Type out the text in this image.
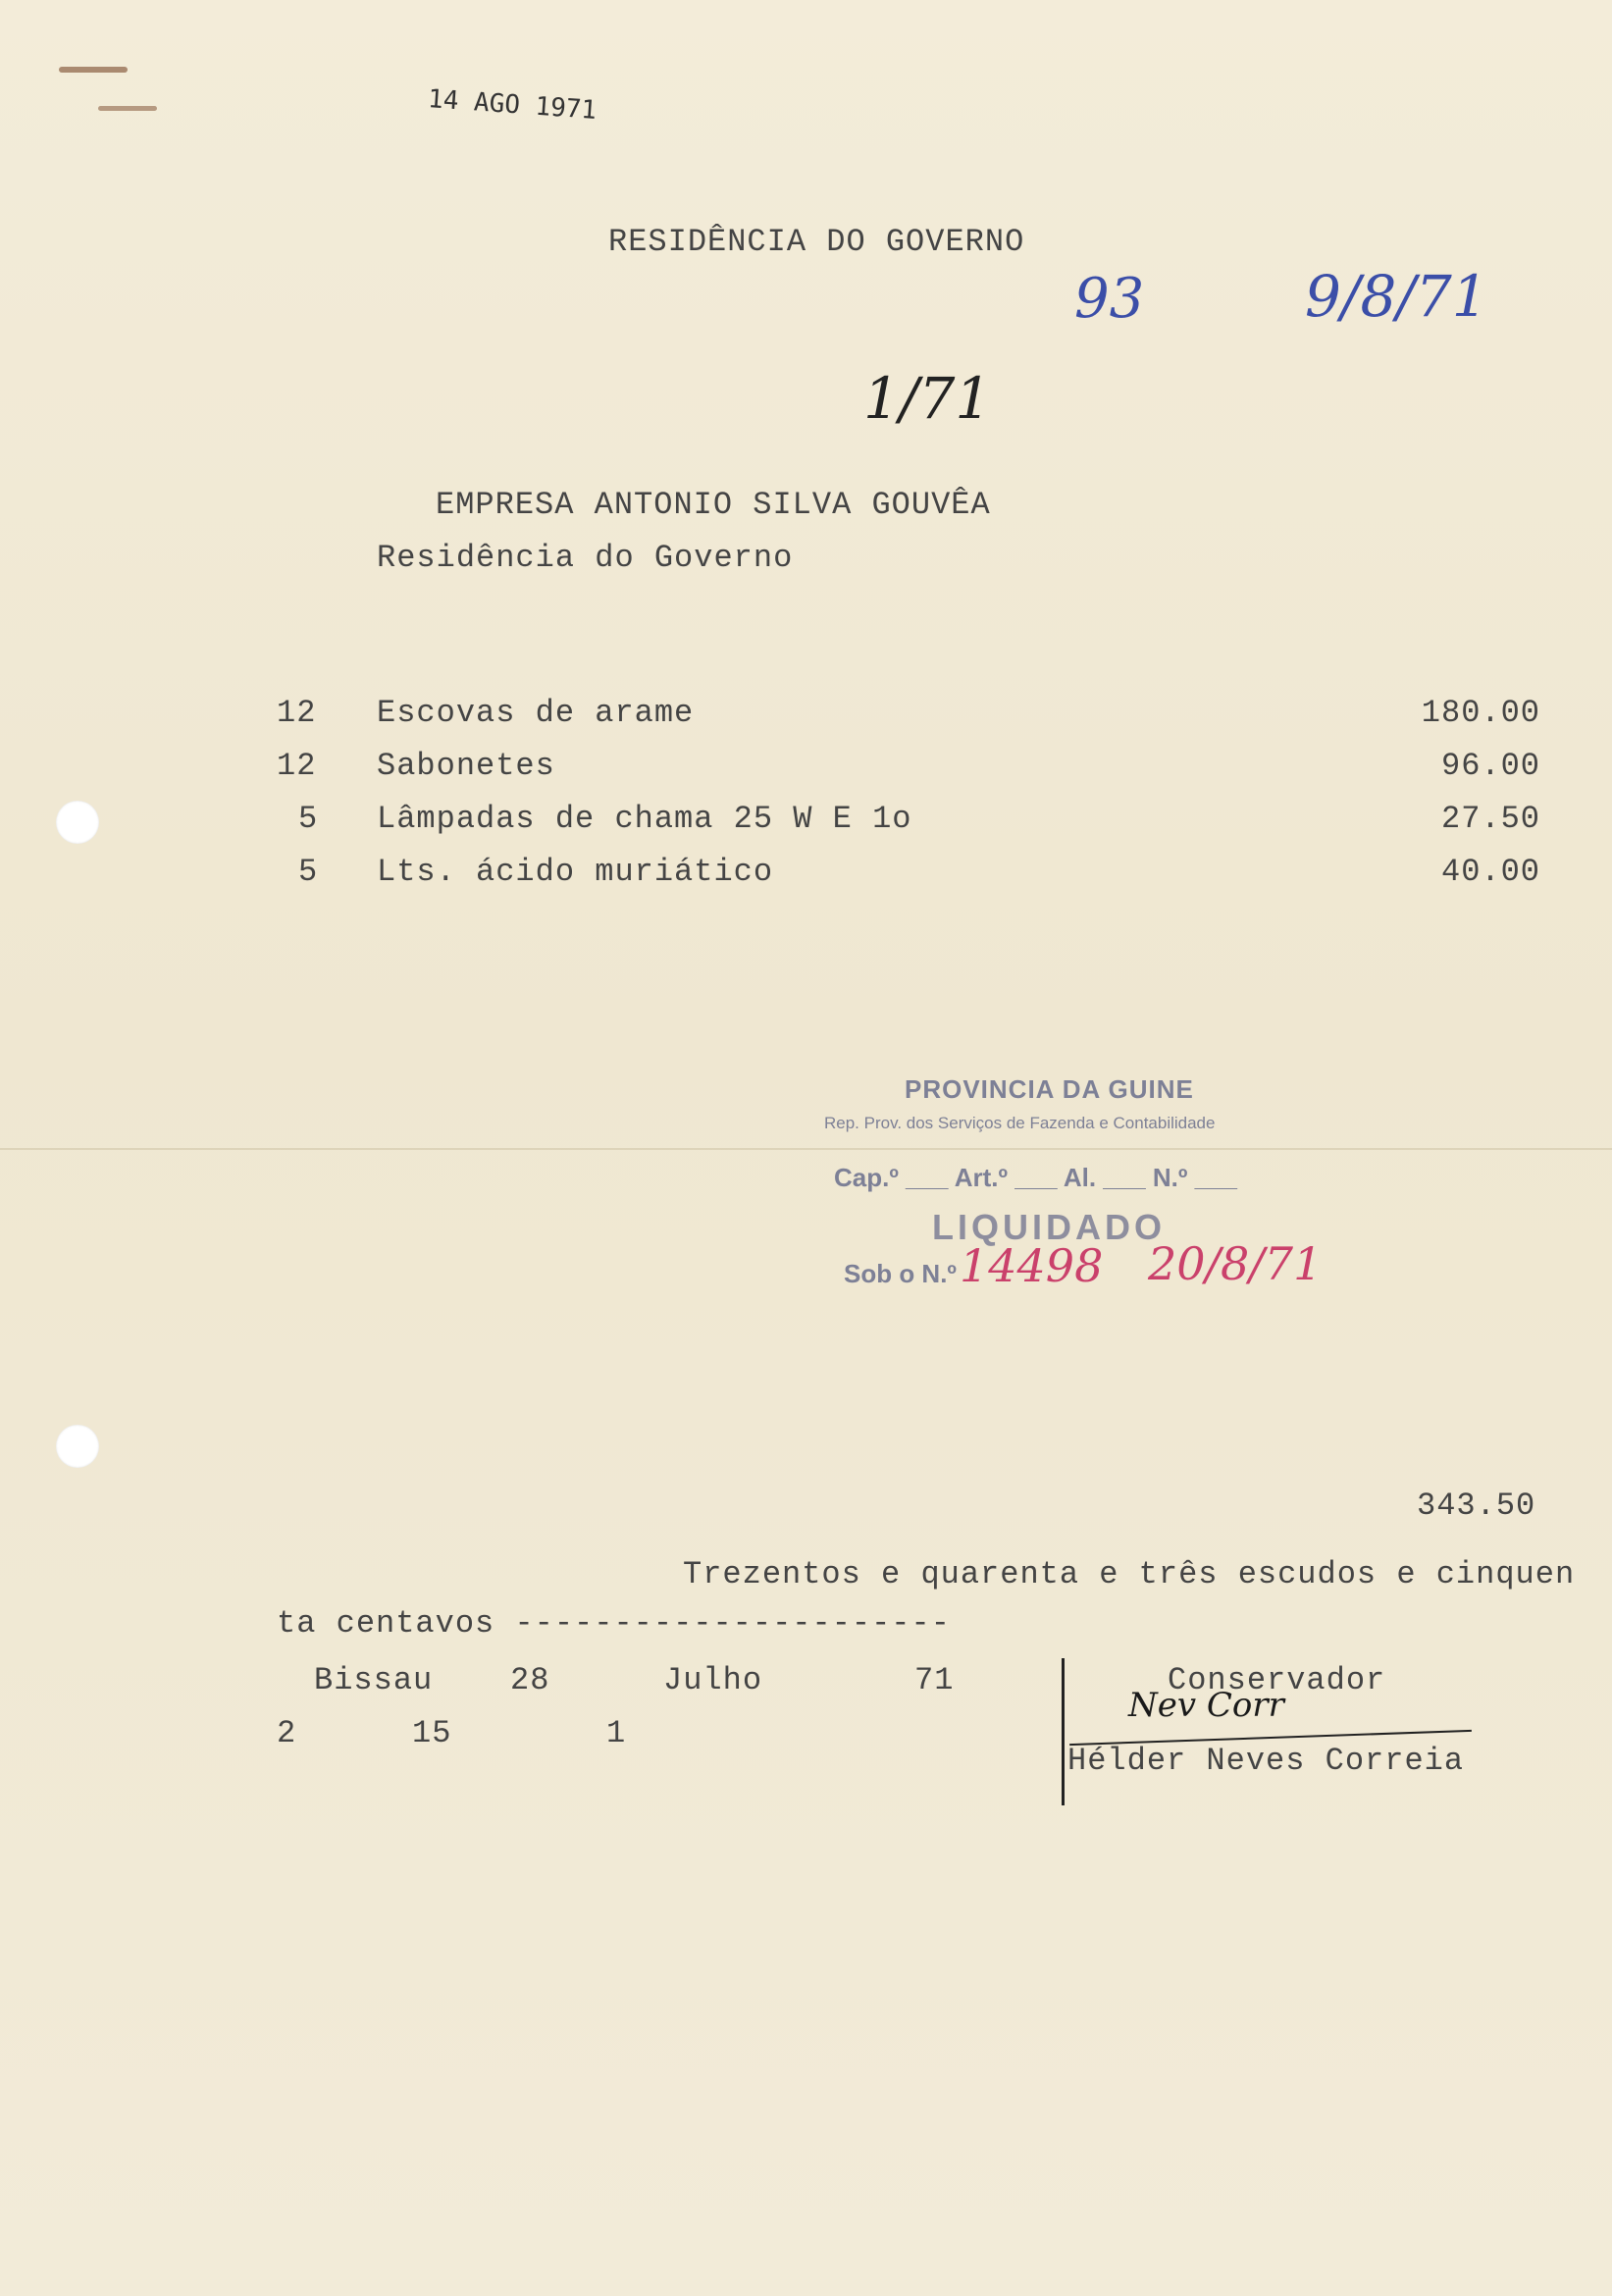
14 AGO 1971
RESIDÊNCIA DO GOVERNO
93	9/8/71
1/71
EMPRESA ANTONIO SILVA GOUVÊA
Residência do Governo
12 Escovas de arame	180.00
12 Sabonetes	96.00
5	Lâmpadas de chama 25 W E 1o	27.50
5	Lts. ácido muriático	40.00
PROVINCIA DA GUINE
Rep. Prov. dos Serviços de Fazenda e Contabilidade
Cap.º ___ Art.º ___ Al. ___ N.º ___
LIQUIDADO
Sob o N.º 14498 20/8/71
343.50
Trezentos e quarenta e três escudos e cinquen
ta centavos ----------------------
Bissau 28	Julho	71
2	15	1
Conservador
Nev Corr
Hélder Neves Correia
